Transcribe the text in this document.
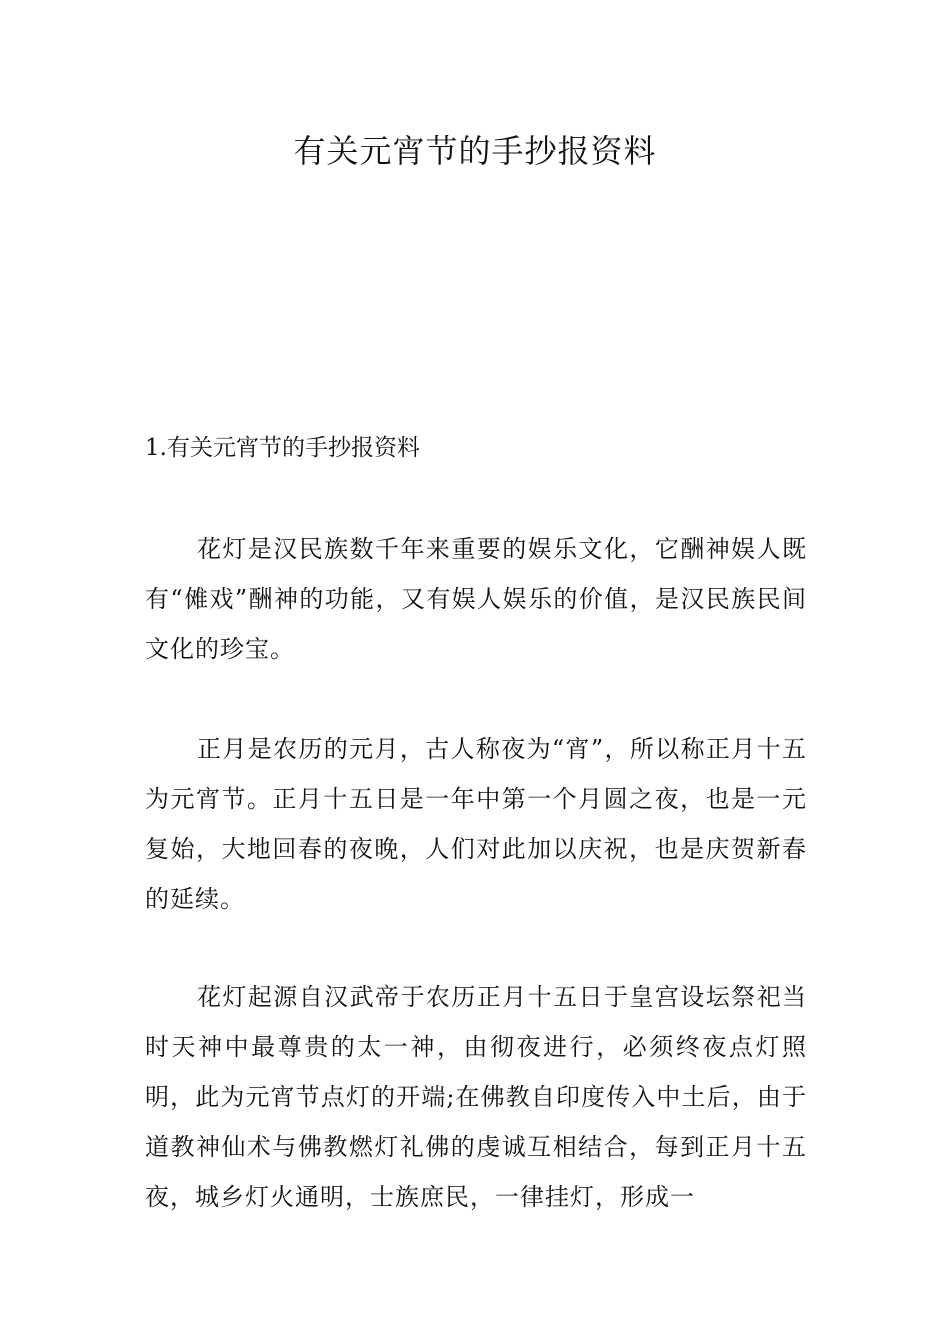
有关元宵节的手抄报资料
1.有关元宵节的手抄报资料

花灯是汉民族数千年来重要的娱乐文化，它酬神娱人既有“傩戏”酬神的功能，又有娱人娱乐的价值，是汉民族民间文化的珍宝。

正月是农历的元月，古人称夜为“宵”，所以称正月十五为元宵节。正月十五日是一年中第一个月圆之夜，也是一元复始，大地回春的夜晚，人们对此加以庆祝，也是庆贺新春的延续。

花灯起源自汉武帝于农历正月十五日于皇宫设坛祭祀当时天神中最尊贵的太一神，由彻夜进行，必须终夜点灯照明，此为元宵节点灯的开端;在佛教自印度传入中土后，由于道教神仙术与佛教燃灯礼佛的虔诚互相结合，每到正月十五夜，城乡灯火通明，士族庶民，一律挂灯，形成一
